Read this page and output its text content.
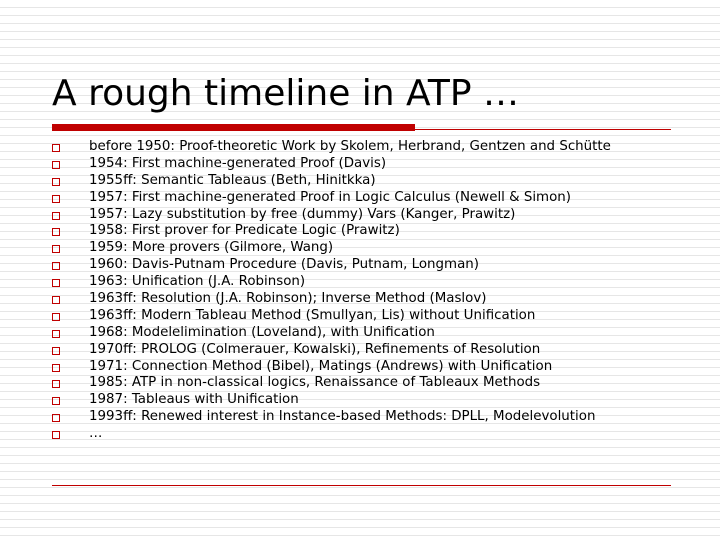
A rough timeline in ATP …
before 1950: Proof-theoretic Work by Skolem, Herbrand, Gentzen and Schütte
1954: First machine-generated Proof (Davis)
1955ff: Semantic Tableaus (Beth, Hinitkka)
1957: First machine-generated Proof in Logic Calculus (Newell & Simon)
1957: Lazy substitution by free (dummy) Vars (Kanger, Prawitz)
1958: First prover for Predicate Logic (Prawitz)
1959: More provers (Gilmore, Wang)
1960: Davis-Putnam Procedure (Davis, Putnam, Longman)
1963: Unification (J.A. Robinson)
1963ff: Resolution (J.A. Robinson); Inverse Method (Maslov)
1963ff: Modern Tableau Method (Smullyan, Lis) without Unification
1968: Modelelimination (Loveland), with Unification
1970ff: PROLOG (Colmerauer, Kowalski), Refinements of Resolution
1971: Connection Method (Bibel), Matings (Andrews) with Unification
1985: ATP in non-classical logics, Renaissance of Tableaux Methods
1987: Tableaus with Unification
1993ff: Renewed interest in Instance-based Methods: DPLL, Modelevolution
…
